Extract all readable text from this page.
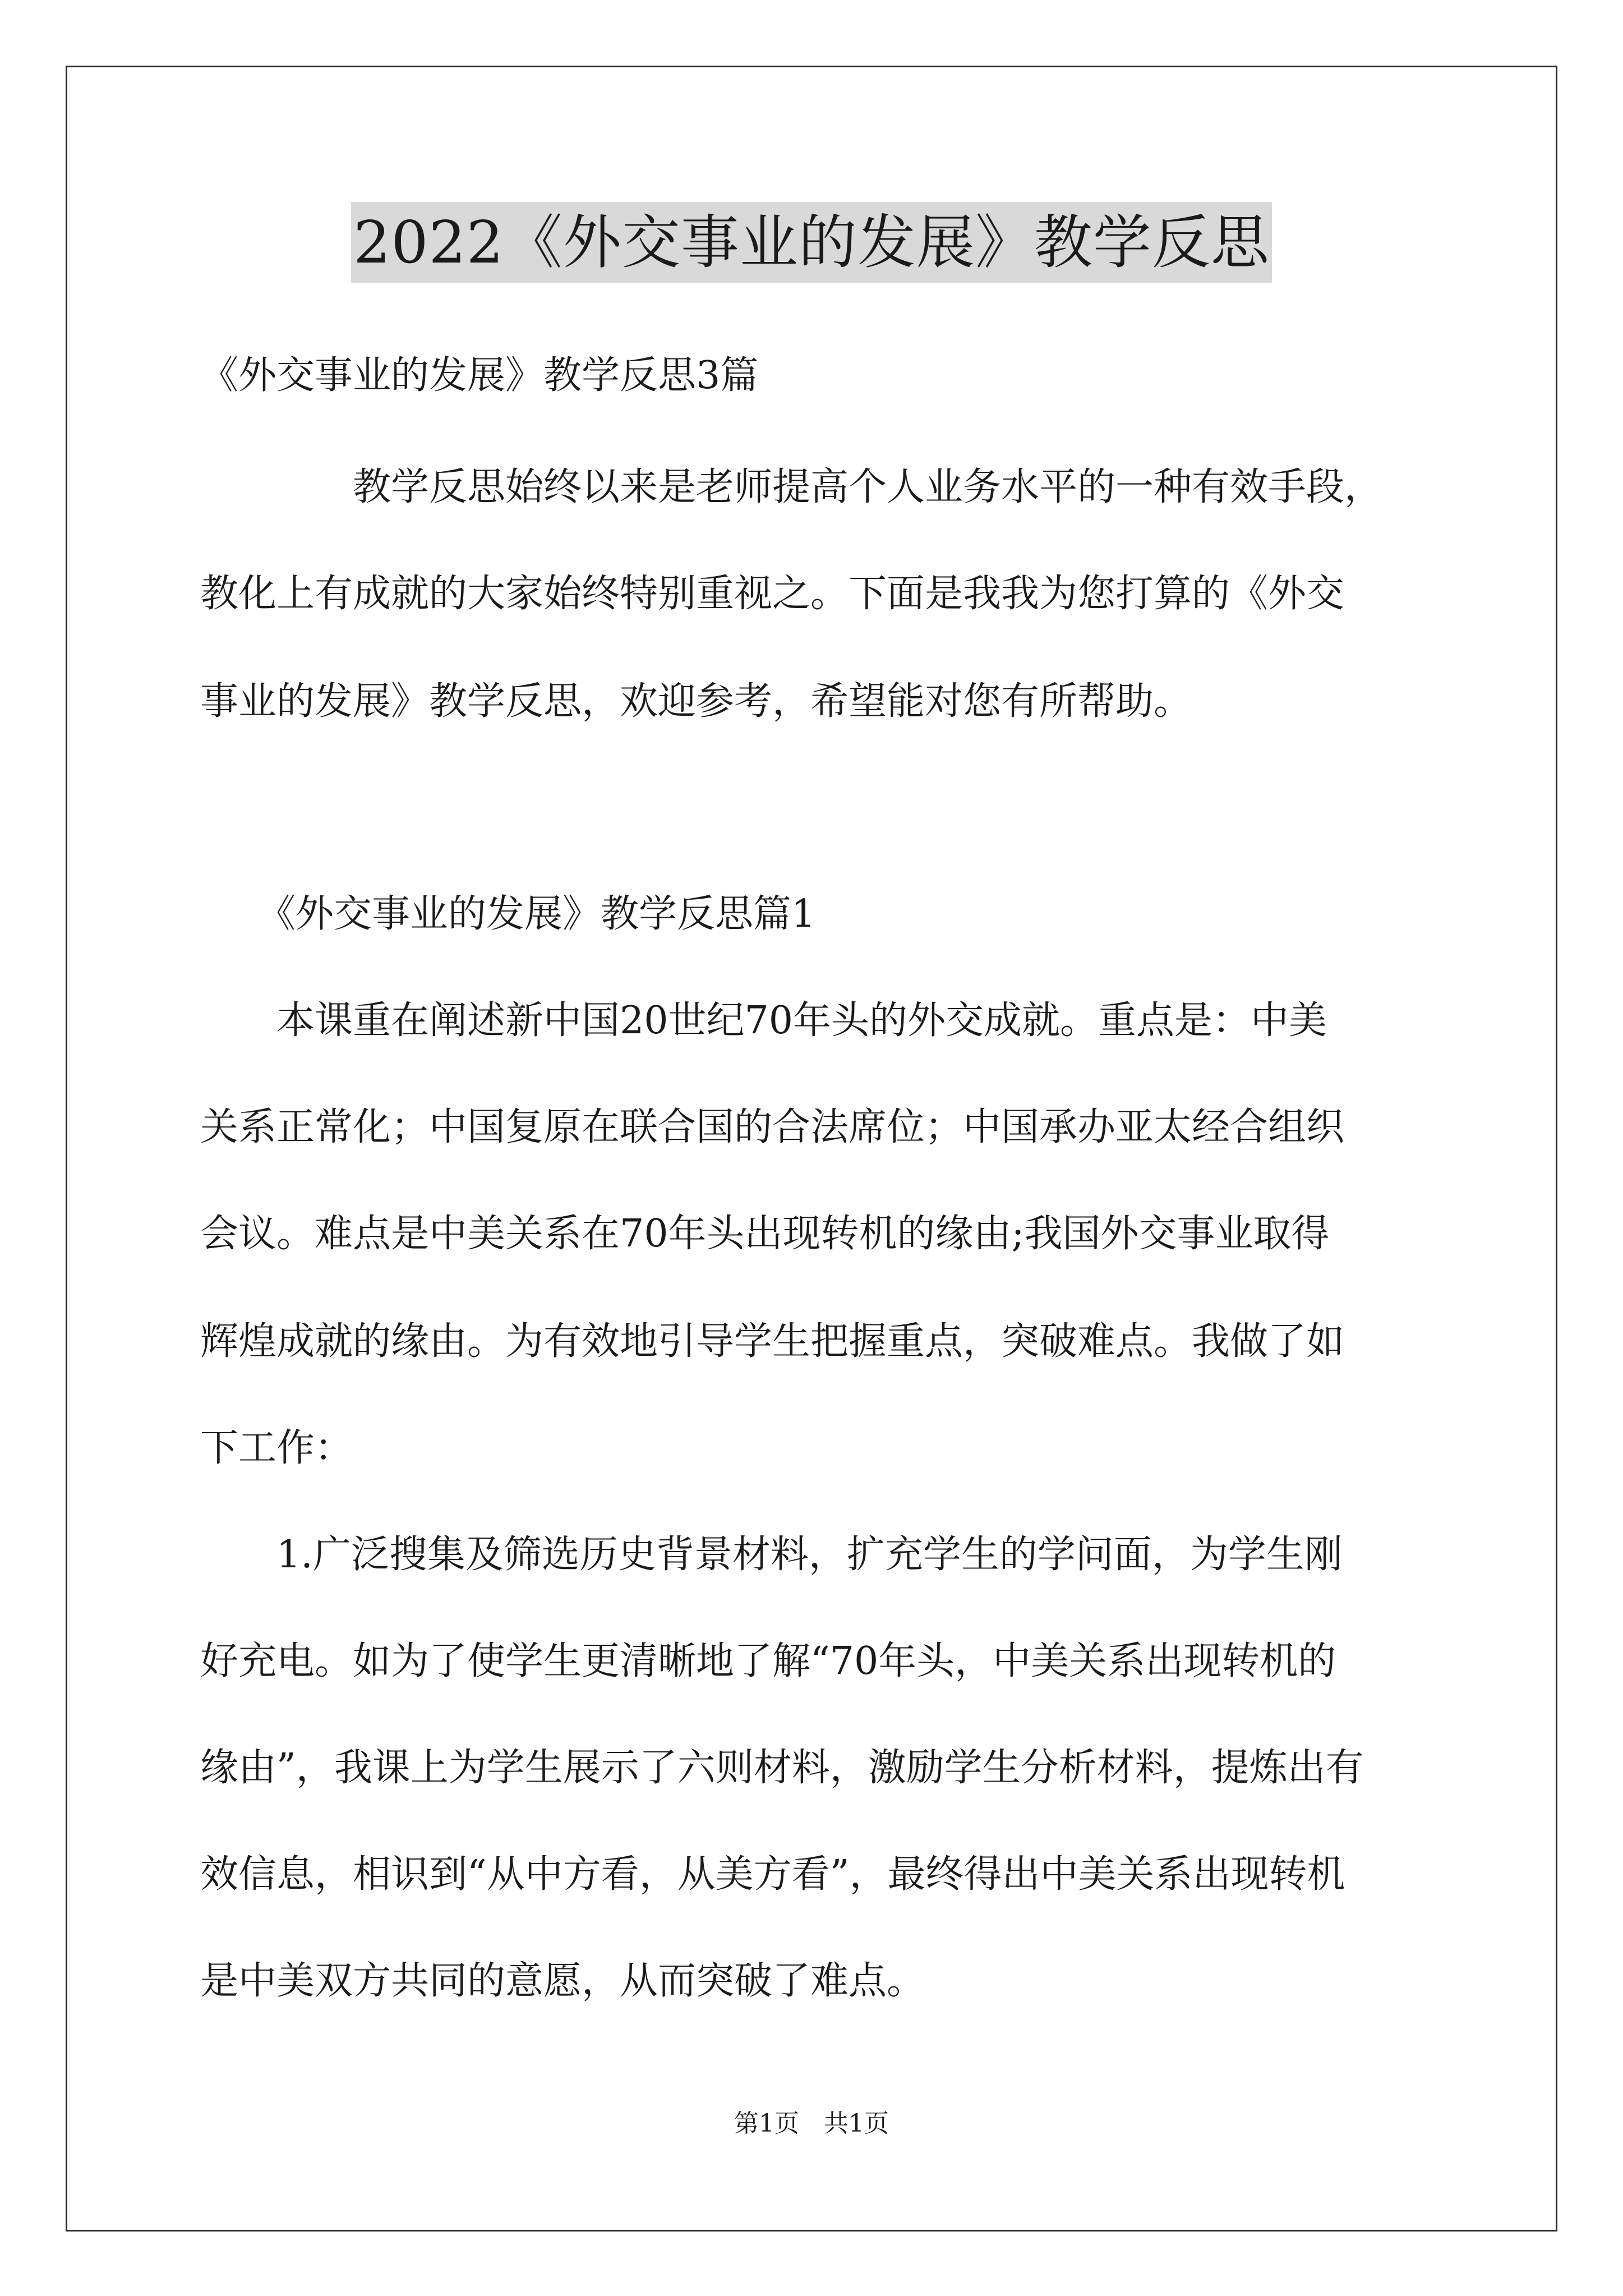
2022《外交事业的发展》教学反思
《外交事业的发展》教学反思3篇
　　　　教学反思始终以来是老师提高个人业务水平的一种有效手段，
教化上有成就的大家始终特别重视之。下面是我我为您打算的《外交
事业的发展》教学反思，欢迎参考，希望能对您有所帮助。
　　《外交事业的发展》教学反思篇1
　　本课重在阐述新中国20世纪70年头的外交成就。重点是：中美
关系正常化；中国复原在联合国的合法席位；中国承办亚太经合组织
会议。难点是中美关系在70年头出现转机的缘由;我国外交事业取得
辉煌成就的缘由。为有效地引导学生把握重点，突破难点。我做了如
下工作：
　　1.广泛搜集及筛选历史背景材料，扩充学生的学问面，为学生刚
好充电。如为了使学生更清晰地了解“70年头，中美关系出现转机的
缘由”，我课上为学生展示了六则材料，激励学生分析材料，提炼出有
效信息，相识到“从中方看，从美方看”，最终得出中美关系出现转机
是中美双方共同的意愿，从而突破了难点。
第1页　共1页
